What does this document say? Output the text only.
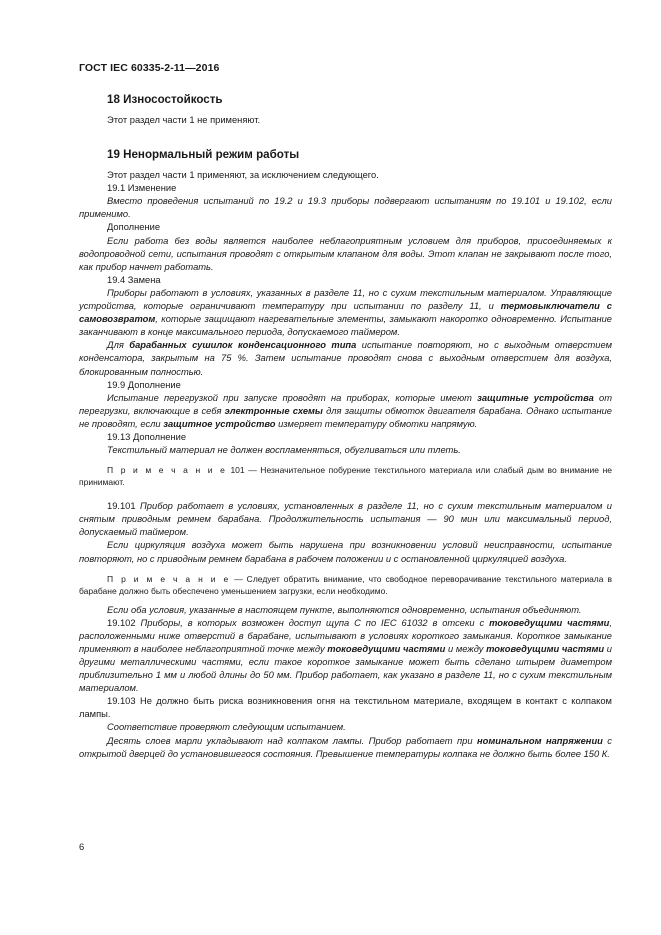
ГОСТ IEC 60335-2-11—2016

18 Износостойкость

Этот раздел части 1 не применяют.

19 Ненормальный режим работы

Этот раздел части 1 применяют, за исключением следующего.

19.1 Изменение

Вместо проведения испытаний по 19.2 и 19.3 приборы подвергают испытаниям по 19.101 и 19.102, если применимо.

Дополнение

Если работа без воды является наиболее неблагоприятным условием для приборов, присоединяемых к водопроводной сети, испытания проводят с открытым клапаном для воды. Этот клапан не закрывают после того, как прибор начнет работать.

19.4 Замена

Приборы работают в условиях, указанных в разделе 11, но с сухим текстильным материалом. Управляющие устройства, которые ограничивают температуру при испытании по разделу 11, и термовыключатели с самовозвратом, которые защищают нагревательные элементы, замыкают накоротко одновременно. Испытание заканчивают в конце максимального периода, допускаемого таймером.

Для барабанных сушилок конденсационного типа испытание повторяют, но с выходным отверстием конденсатора, закрытым на 75 %. Затем испытание проводят снова с выходным отверстием для воздуха, блокированным полностью.

19.9 Дополнение

Испытание перегрузкой при запуске проводят на приборах, которые имеют защитные устройства от перегрузки, включающие в себя электронные схемы для защиты обмоток двигателя барабана. Однако испытание не проводят, если защитное устройство измеряет температуру обмотки напрямую.

19.13 Дополнение

Текстильный материал не должен воспламеняться, обугливаться или тлеть.

П р и м е ч а н и е 101 — Незначительное побурение текстильного материала или слабый дым во внимание не принимают.

19.101 Прибор работает в условиях, установленных в разделе 11, но с сухим текстильным материалом и снятым приводным ремнем барабана. Продолжительность испытания — 90 мин или максимальный период, допускаемый таймером.

Если циркуляция воздуха может быть нарушена при возникновении условий неисправности, испытание повторяют, но с приводным ремнем барабана в рабочем положении и с остановленной циркуляцией воздуха.

П р и м е ч а н и е — Следует обратить внимание, что свободное переворачивание текстильного материала в барабане должно быть обеспечено уменьшением загрузки, если необходимо.

Если оба условия, указанные в настоящем пункте, выполняются одновременно, испытания объединяют.

19.102 Приборы, в которых возможен доступ щупа С по IEC 61032 в отсеки с токоведущими частями, расположенными ниже отверстий в барабане, испытывают в условиях короткого замыкания. Короткое замыкание применяют в наиболее неблагоприятной точке между токоведущими частями и между токоведущими частями и другими металлическими частями, если такое короткое замыкание может быть сделано штырем диаметром приблизительно 1 мм и любой длины до 50 мм. Прибор работает, как указано в разделе 11, но с сухим текстильным материалом.

19.103 Не должно быть риска возникновения огня на текстильном материале, входящем в контакт с колпаком лампы.

Соответствие проверяют следующим испытанием.

Десять слоев марли укладывают над колпаком лампы. Прибор работает при номинальном напряжении с открытой дверцей до установившегося состояния. Превышение температуры колпака не должно быть более 150 К.

6
